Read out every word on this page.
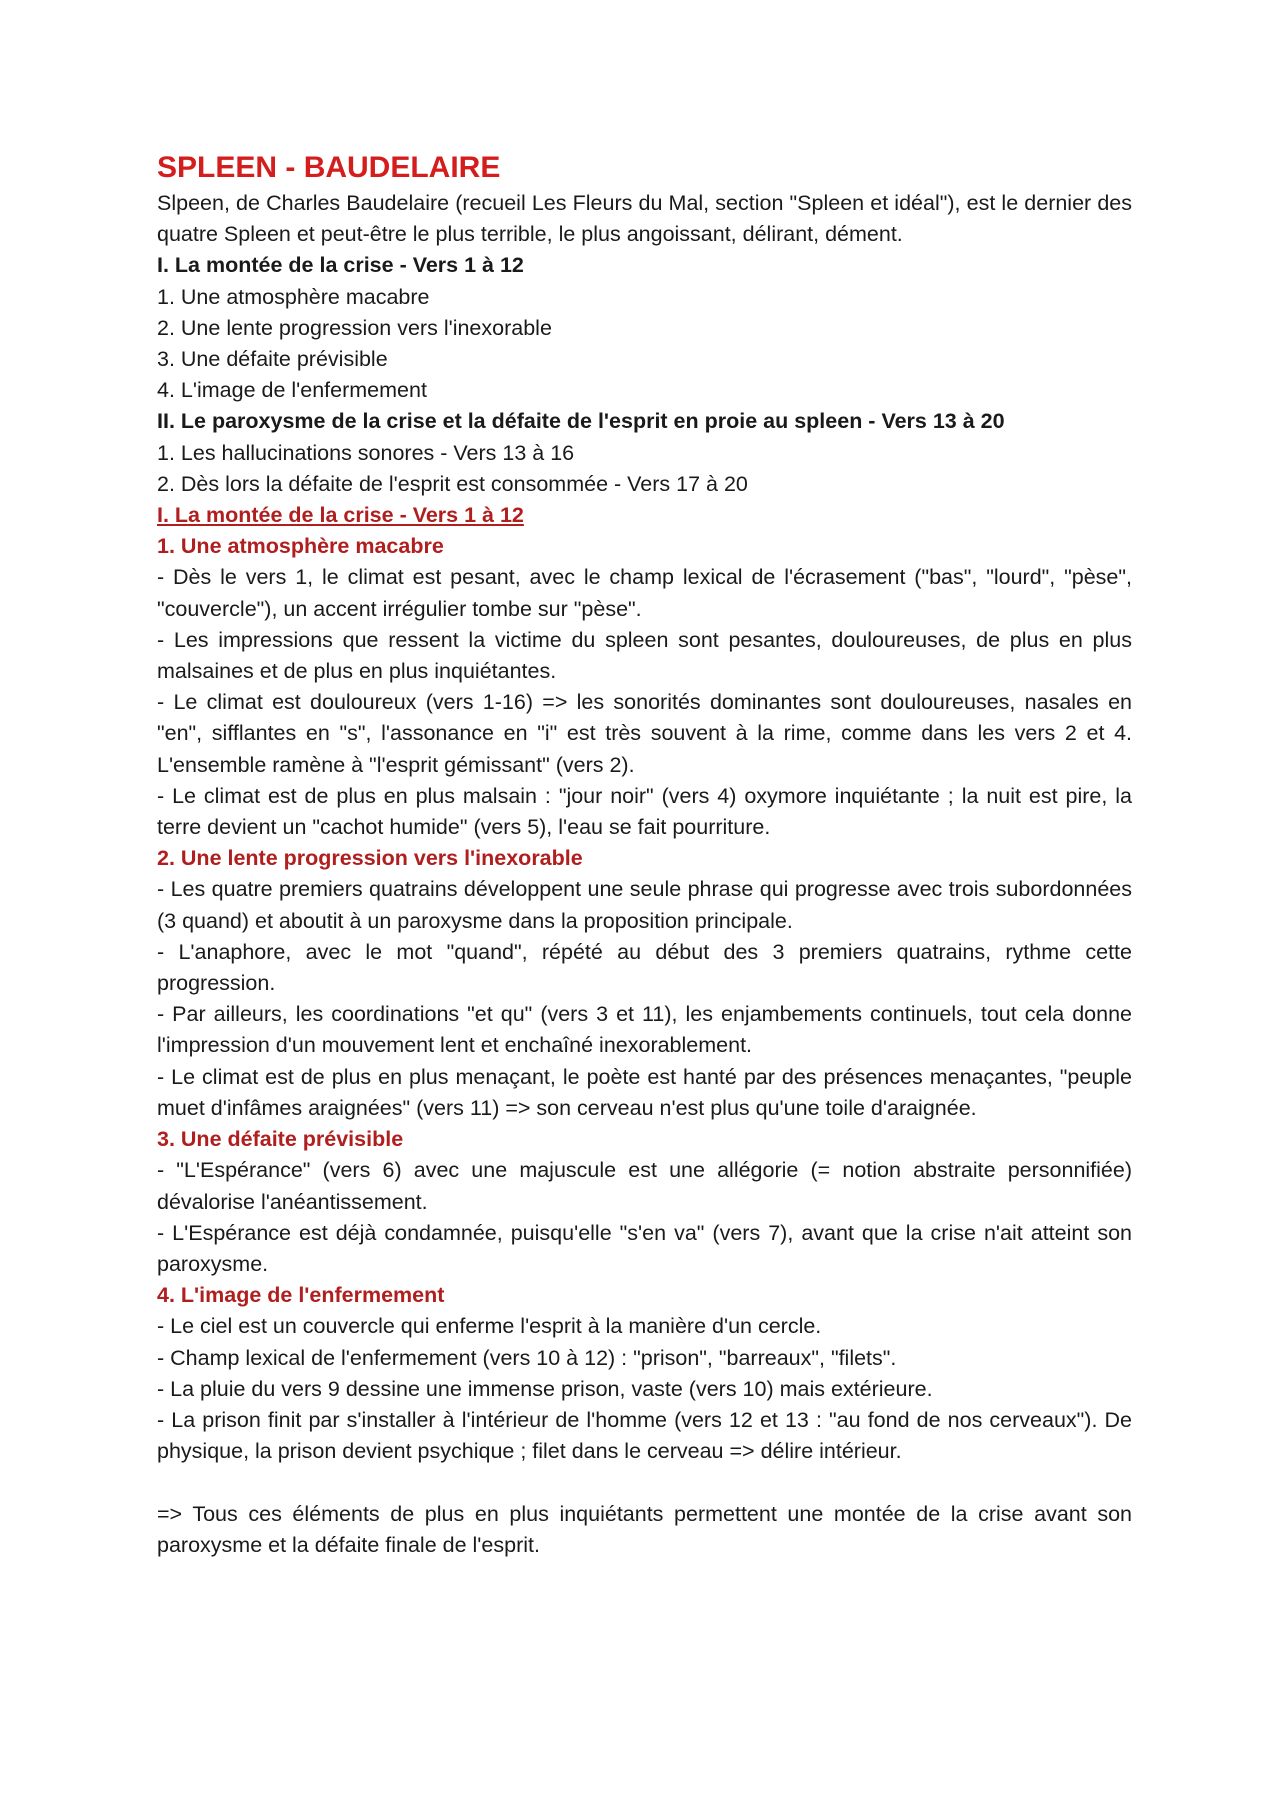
SPLEEN - BAUDELAIRE

Slpeen, de Charles Baudelaire (recueil Les Fleurs du Mal, section "Spleen et idéal"), est le dernier des quatre Spleen et peut-être le plus terrible, le plus angoissant, délirant, dément.

I. La montée de la crise - Vers 1 à 12

1. Une atmosphère macabre

2. Une lente progression vers l'inexorable

3. Une défaite prévisible

4. L'image de l'enfermement

II. Le paroxysme de la crise et la défaite de l'esprit en proie au spleen - Vers 13 à 20

1. Les hallucinations sonores - Vers 13 à 16

2. Dès lors la défaite de l'esprit est consommée - Vers 17 à 20

I. La montée de la crise - Vers 1 à 12

1. Une atmosphère macabre

- Dès le vers 1, le climat est pesant, avec le champ lexical de l'écrasement ("bas", "lourd", "pèse", "couvercle"), un accent irrégulier tombe sur "pèse".

- Les impressions que ressent la victime du spleen sont pesantes, douloureuses, de plus en plus malsaines et de plus en plus inquiétantes.

- Le climat est douloureux (vers 1-16) => les sonorités dominantes sont douloureuses, nasales en "en", sifflantes en "s", l'assonance en "i" est très souvent à la rime, comme dans les vers 2 et 4. L'ensemble ramène à "l'esprit gémissant" (vers 2).

- Le climat est de plus en plus malsain : "jour noir" (vers 4) oxymore inquiétante ; la nuit est pire, la terre devient un "cachot humide" (vers 5), l'eau se fait pourriture.

2. Une lente progression vers l'inexorable

- Les quatre premiers quatrains développent une seule phrase qui progresse avec trois subordonnées (3 quand) et aboutit à un paroxysme dans la proposition principale.

- L'anaphore, avec le mot "quand", répété au début des 3 premiers quatrains, rythme cette progression.

- Par ailleurs, les coordinations "et qu" (vers 3 et 11), les enjambements continuels, tout cela donne l'impression d'un mouvement lent et enchaîné inexorablement.

- Le climat est de plus en plus menaçant, le poète est hanté par des présences menaçantes, "peuple muet d'infâmes araignées" (vers 11) => son cerveau n'est plus qu'une toile d'araignée.

3. Une défaite prévisible

- "L'Espérance" (vers 6) avec une majuscule est une allégorie (= notion abstraite personnifiée) dévalorise l'anéantissement.

- L'Espérance est déjà condamnée, puisqu'elle "s'en va" (vers 7), avant que la crise n'ait atteint son paroxysme.

4. L'image de l'enfermement

- Le ciel est un couvercle qui enferme l'esprit à la manière d'un cercle.

- Champ lexical de l'enfermement (vers 10 à 12) : "prison", "barreaux", "filets".

- La pluie du vers 9 dessine une immense prison, vaste (vers 10) mais extérieure.

- La prison finit par s'installer à l'intérieur de l'homme (vers 12 et 13 : "au fond de nos cerveaux"). De physique, la prison devient psychique ; filet dans le cerveau => délire intérieur.

=> Tous ces éléments de plus en plus inquiétants permettent une montée de la crise avant son paroxysme et la défaite finale de l'esprit.
